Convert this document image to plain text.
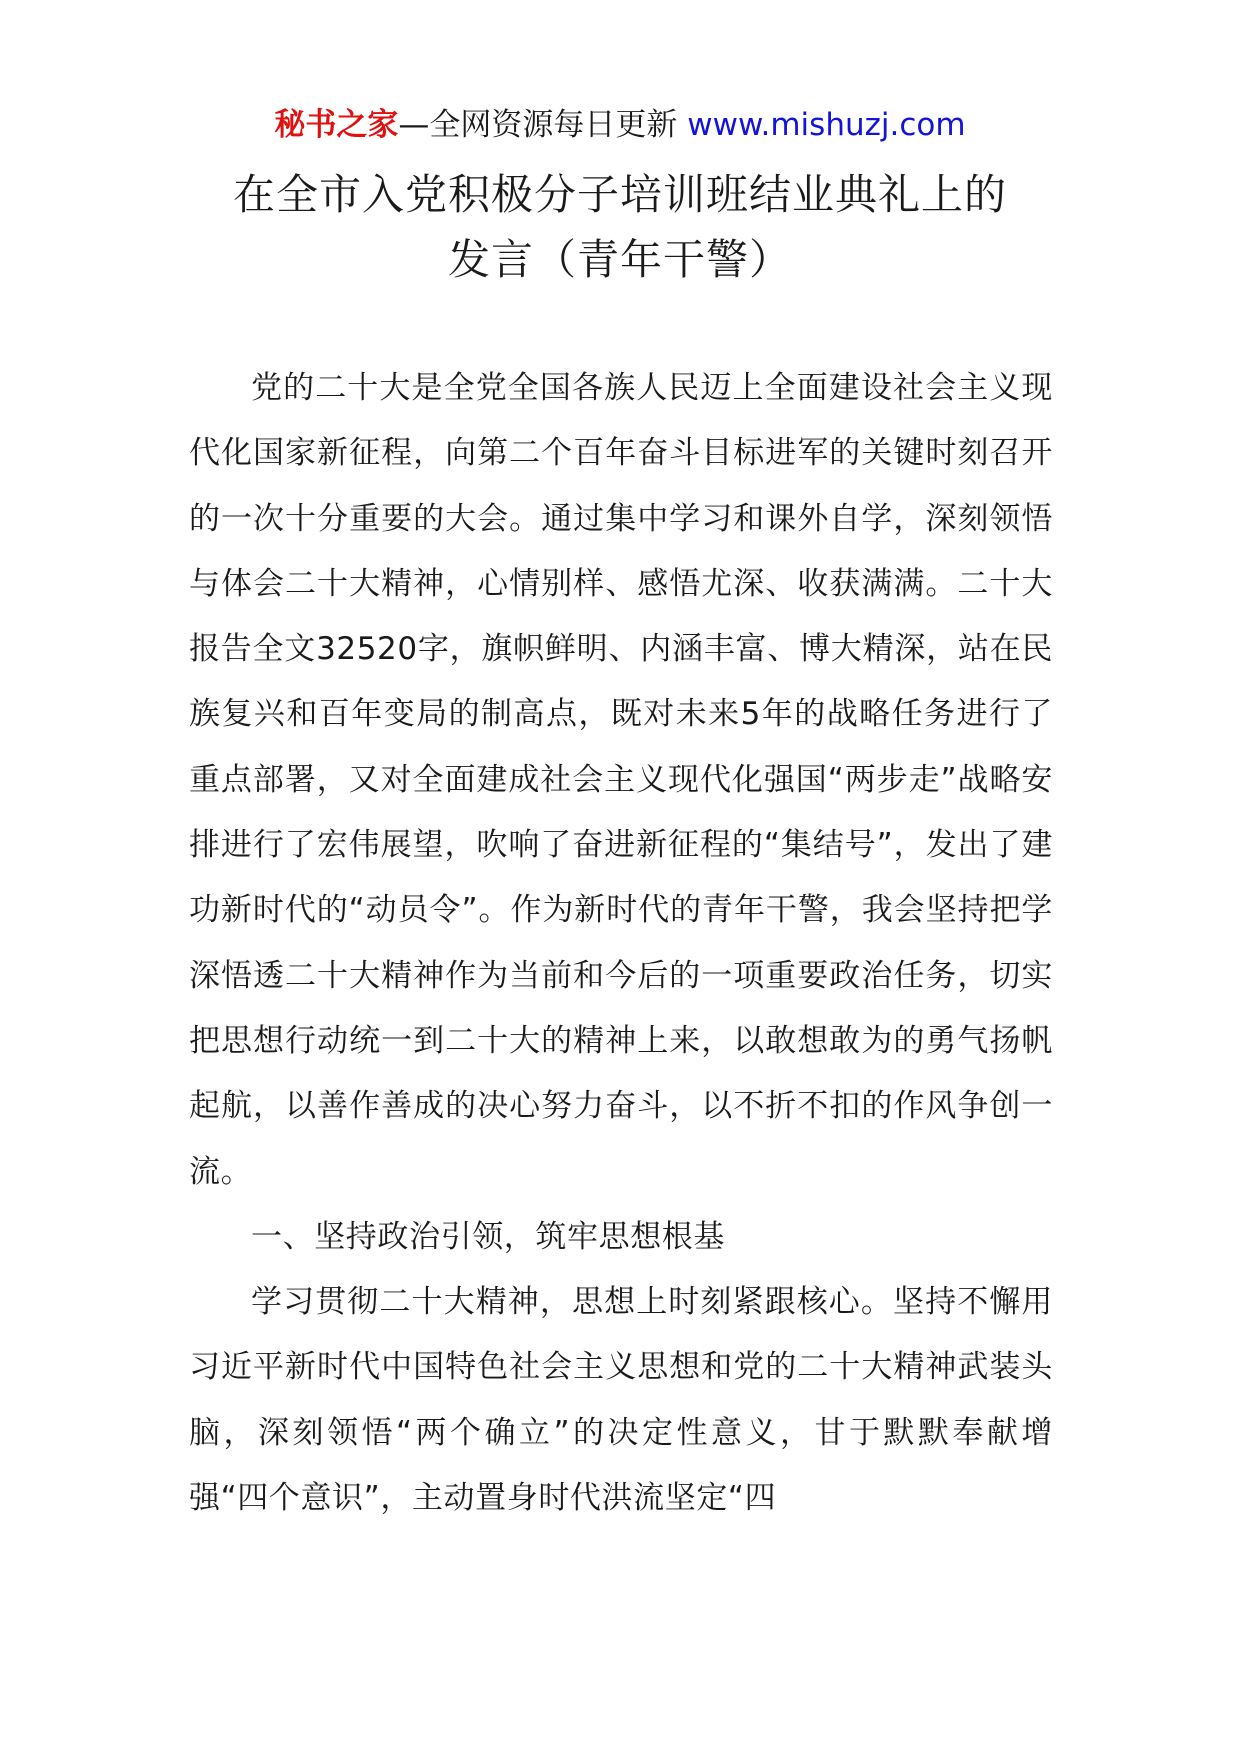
秘书之家—全网资源每日更新 www.mishuzj.com
在全市入党积极分子培训班结业典礼上的
发言（青年干警）

党的二十大是全党全国各族人民迈上全面建设社会主义现代化国家新征程，向第二个百年奋斗目标进军的关键时刻召开的一次十分重要的大会。通过集中学习和课外自学，深刻领悟与体会二十大精神，心情别样、感悟尤深、收获满满。二十大报告全文32520字，旗帜鲜明、内涵丰富、博大精深，站在民族复兴和百年变局的制高点，既对未来5年的战略任务进行了重点部署，又对全面建成社会主义现代化强国“两步走”战略安排进行了宏伟展望，吹响了奋进新征程的“集结号”，发出了建功新时代的“动员令”。作为新时代的青年干警，我会坚持把学深悟透二十大精神作为当前和今后的一项重要政治任务，切实把思想行动统一到二十大的精神上来，以敢想敢为的勇气扬帆起航，以善作善成的决心努力奋斗，以不折不扣的作风争创一流。

一、坚持政治引领，筑牢思想根基

学习贯彻二十大精神，思想上时刻紧跟核心。坚持不懈用习近平新时代中国特色社会主义思想和党的二十大精神武装头脑，深刻领悟“两个确立”的决定性意义，甘于默默奉献增强“四个意识”，主动置身时代洪流坚定“四
